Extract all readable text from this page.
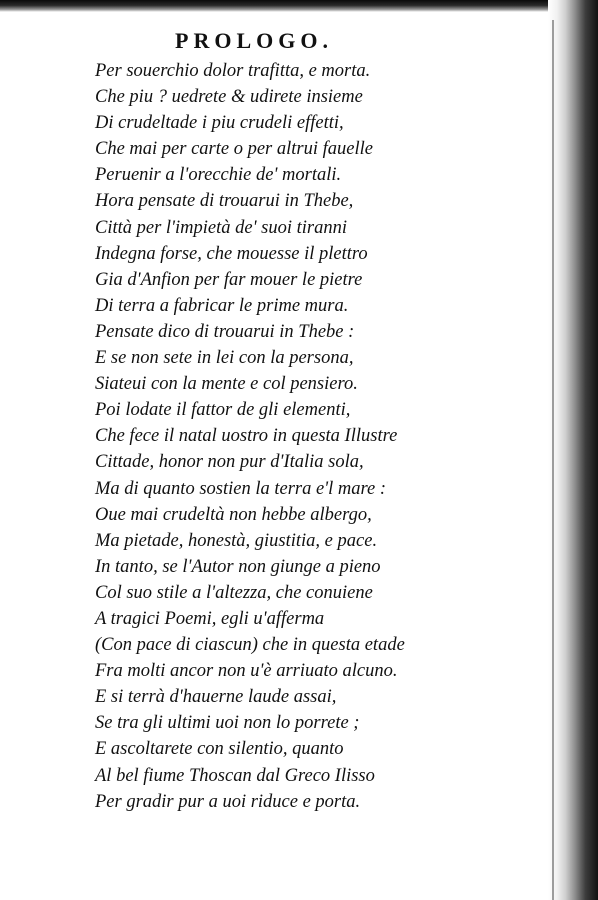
PROLOGO.
Per souerchio dolor trafitta, e morta.
Che piu ? uedrete & udirete insieme
Di crudeltade i piu crudeli effetti,
Che mai per carte o per altrui fauelle
Peruenir a l'orecchie de' mortali.
Hora pensate di trouarui in Thebe,
Città per l'impietà de' suoi tiranni
Indegna forse, che mouesse il plettro
Gia d'Anfion per far mouer le pietre
Di terra a fabricar le prime mura.
Pensate dico di trouarui in Thebe :
E se non sete in lei con la persona,
Siateui con la mente e col pensiero.
Poi lodate il fattor de gli elementi,
Che fece il natal uostro in questa Illustre
Cittade, honor non pur d'Italia sola,
Ma di quanto sostien la terra e'l mare :
Oue mai crudeltà non hebbe albergo,
Ma pietade, honestà, giustitia, e pace.
In tanto, se l'Autor non giunge a pieno
Col suo stile a l'altezza, che conuiene
A tragici Poemi, egli u'afferma
(Con pace di ciascun) che in questa etade
Fra molti ancor non u'è arriuato alcuno.
E si terrà d'hauerne laude assai,
Se tra gli ultimi uoi non lo porrete ;
E ascoltarete con silentio, quanto
Al bel fiume Thoscan dal Greco Ilisso
Per gradir pur a uoi riduce e porta.
